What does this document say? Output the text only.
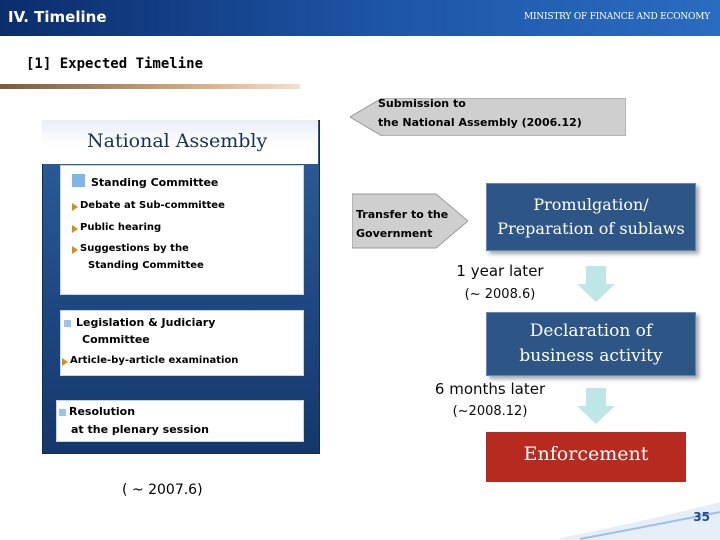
IV. Timeline	MINISTRY OF FINANCE AND ECONOMY
[1] Expected Timeline
National Assembly
Standing Committee
Debate at Sub-committee
Public hearing
Suggestions by the
Standing Committee
Legislation & Judiciary
Committee
Article-by-article examination
Resolution
at the plenary session
( ~ 2007.6)
Submission to
the National Assembly (2006.12)
Transfer to the
Government
Promulgation/
Preparation of sublaws
1 year later
(~ 2008.6)
Declaration of
business activity
6 months later
(~2008.12)
Enforcement
35
